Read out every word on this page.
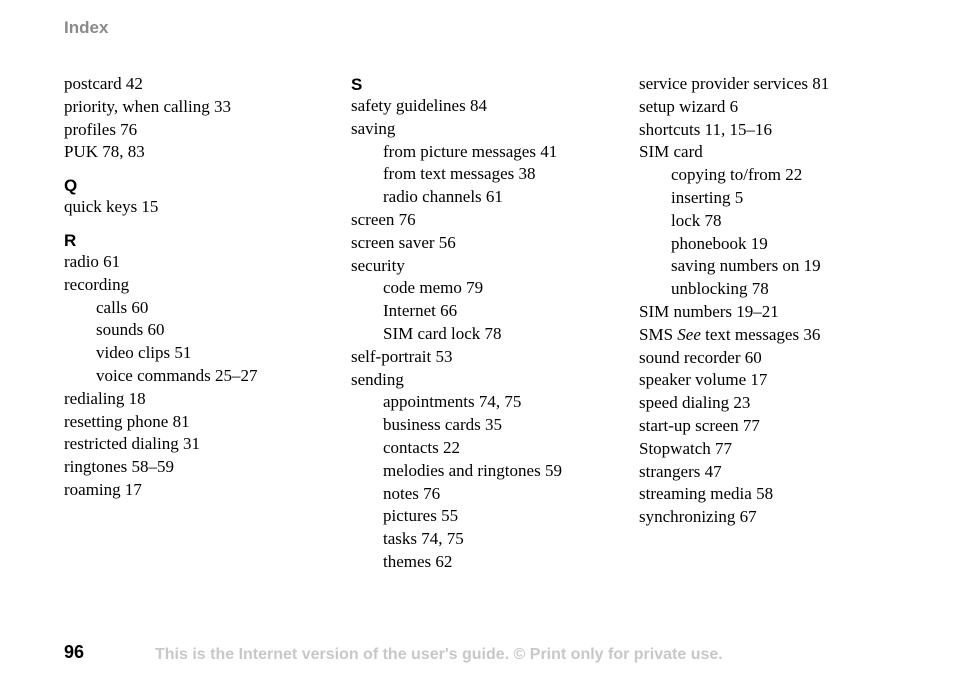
Index
postcard 42
priority, when calling 33
profiles 76
PUK 78, 83
Q
quick keys 15
R
radio 61
recording
calls 60
sounds 60
video clips 51
voice commands 25–27
redialing 18
resetting phone 81
restricted dialing 31
ringtones 58–59
roaming 17
S
safety guidelines 84
saving
from picture messages 41
from text messages 38
radio channels 61
screen 76
screen saver 56
security
code memo 79
Internet 66
SIM card lock 78
self-portrait 53
sending
appointments 74, 75
business cards 35
contacts 22
melodies and ringtones 59
notes 76
pictures 55
tasks 74, 75
themes 62
service provider services 81
setup wizard 6
shortcuts 11, 15–16
SIM card
copying to/from 22
inserting 5
lock 78
phonebook 19
saving numbers on 19
unblocking 78
SIM numbers 19–21
SMS See text messages 36
sound recorder 60
speaker volume 17
speed dialing 23
start-up screen 77
Stopwatch 77
strangers 47
streaming media 58
synchronizing 67
96	This is the Internet version of the user's guide. © Print only for private use.
